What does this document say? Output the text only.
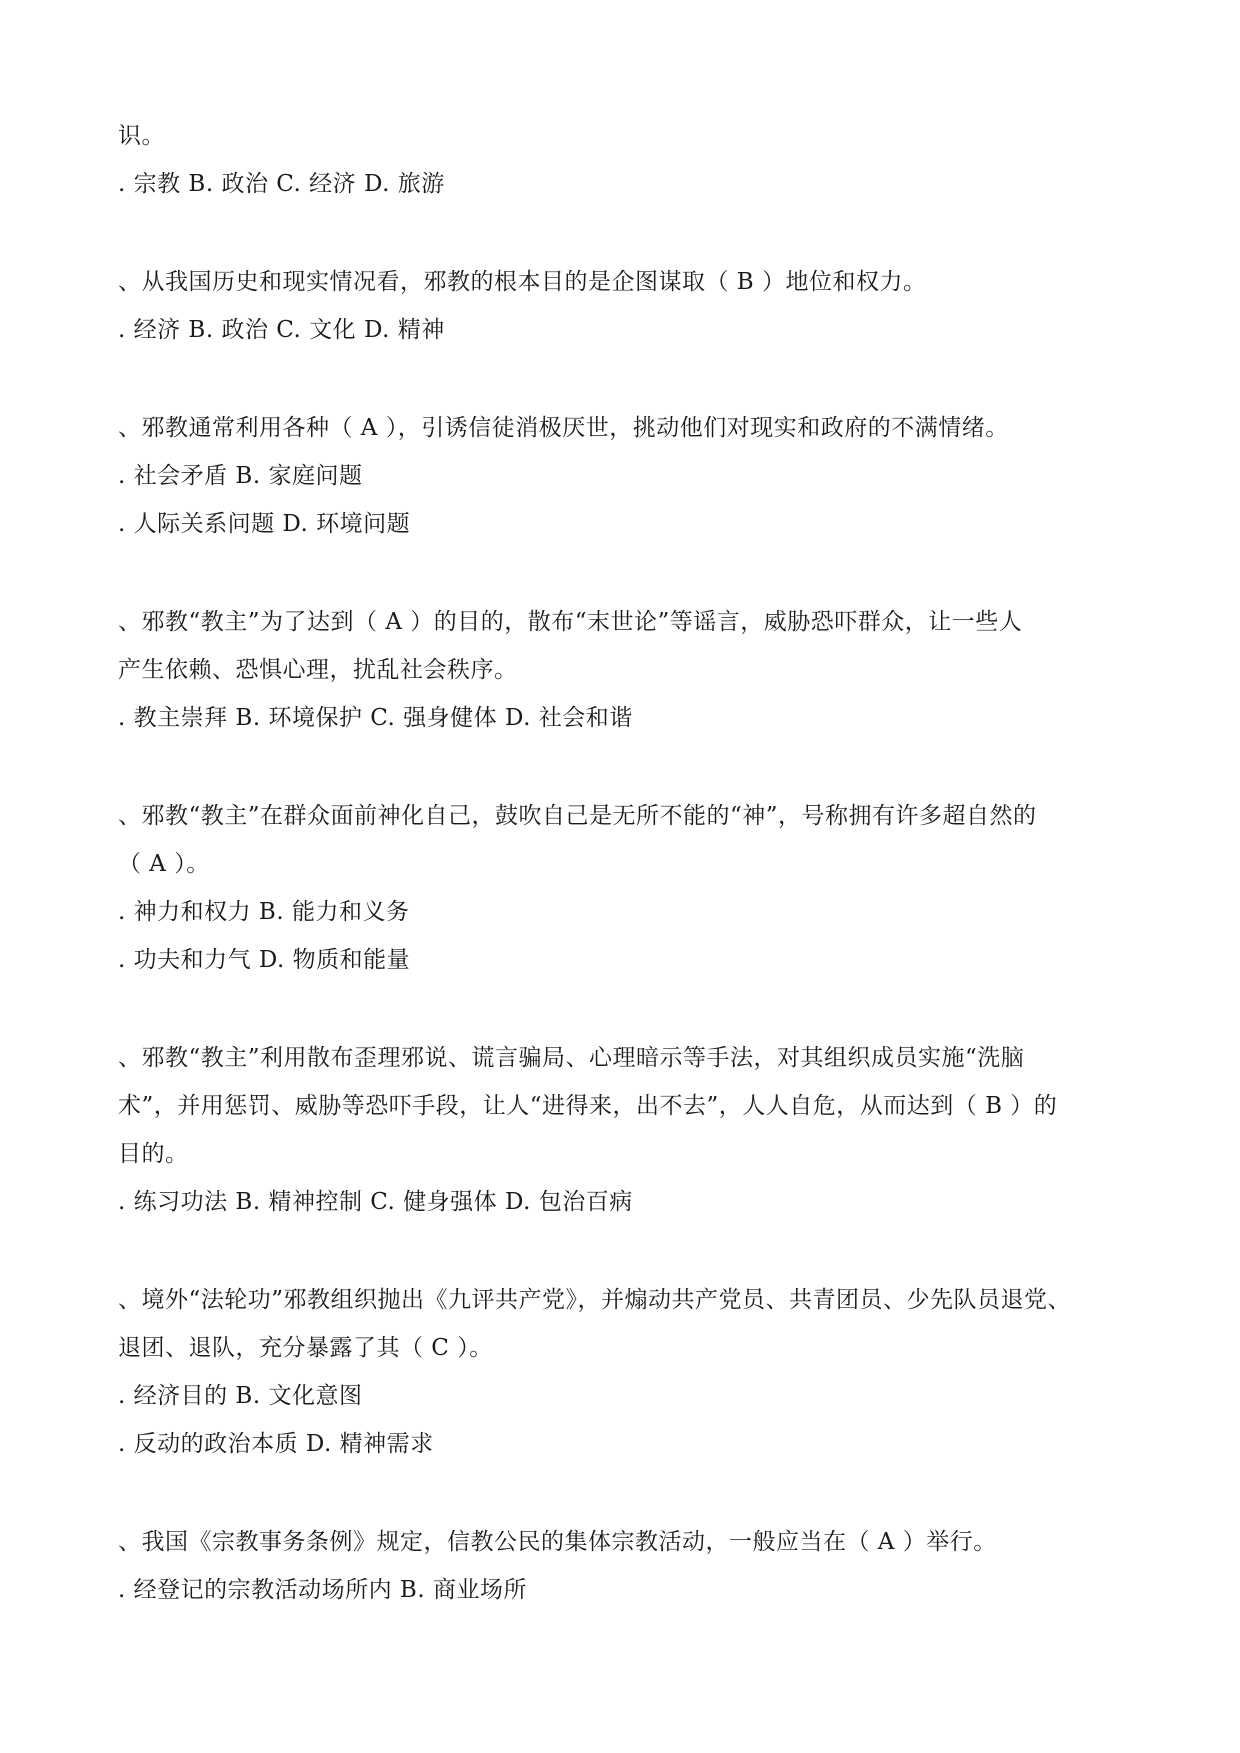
识。
. 宗教 B. 政治 C. 经济 D. 旅游
、从我国历史和现实情况看，邪教的根本目的是企图谋取（ B ）地位和权力。
. 经济 B. 政治 C. 文化 D. 精神
、邪教通常利用各种（ A ），引诱信徒消极厌世，挑动他们对现实和政府的不满情绪。
. 社会矛盾 B. 家庭问题
. 人际关系问题 D. 环境问题
、邪教“教主”为了达到（ A ）的目的，散布“末世论”等谣言，威胁恐吓群众，让一些人
产生依赖、恐惧心理，扰乱社会秩序。
. 教主崇拜 B. 环境保护 C. 强身健体 D. 社会和谐
、邪教“教主”在群众面前神化自己，鼓吹自己是无所不能的“神”，号称拥有许多超自然的
（ A ）。
. 神力和权力 B. 能力和义务
. 功夫和力气 D. 物质和能量
、邪教“教主”利用散布歪理邪说、谎言骗局、心理暗示等手法，对其组织成员实施“洗脑
术”，并用惩罚、威胁等恐吓手段，让人“进得来，出不去”，人人自危，从而达到（ B ）的
目的。
. 练习功法 B. 精神控制 C. 健身强体 D. 包治百病
、境外“法轮功”邪教组织抛出《九评共产党》，并煽动共产党员、共青团员、少先队员退党、
退团、退队，充分暴露了其（ C ）。
. 经济目的 B. 文化意图
. 反动的政治本质 D. 精神需求
、我国《宗教事务条例》规定，信教公民的集体宗教活动，一般应当在（ A ）举行。
. 经登记的宗教活动场所内 B. 商业场所
